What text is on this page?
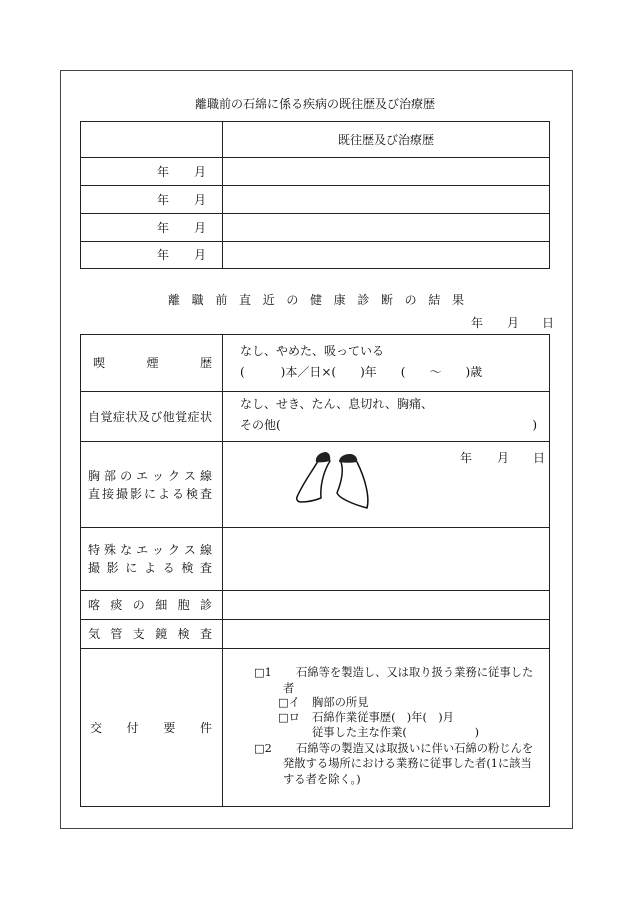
離職前の石綿に係る疾病の既往歴及び治療歴
既往歴及び治療歴
年 月
年 月
年 月
年 月
離職前直近の健康診断の結果
年 月 日
喫煙歴
なし、やめた、吸っている
(　　　)本／日×(　　)年　　(　　〜　　)歳
自覚症状及び他覚症状
なし、せき、たん、息切れ、胸痛、
その他(	)
胸部のエックス線
直接撮影による検査
年 月 日
特殊なエックス線
撮影による検査
喀痰の細胞診
気管支鏡検査
交付要件
□1 石綿等を製造し、又は取り扱う業務に従事した
者
□イ 胸部の所見
□ロ 石綿作業従事歴(　)年(　)月
従事した主な作業(　　　　　　)
□2 石綿等の製造又は取扱いに伴い石綿の粉じんを
発散する場所における業務に従事した者(1に該当
する者を除く。)
